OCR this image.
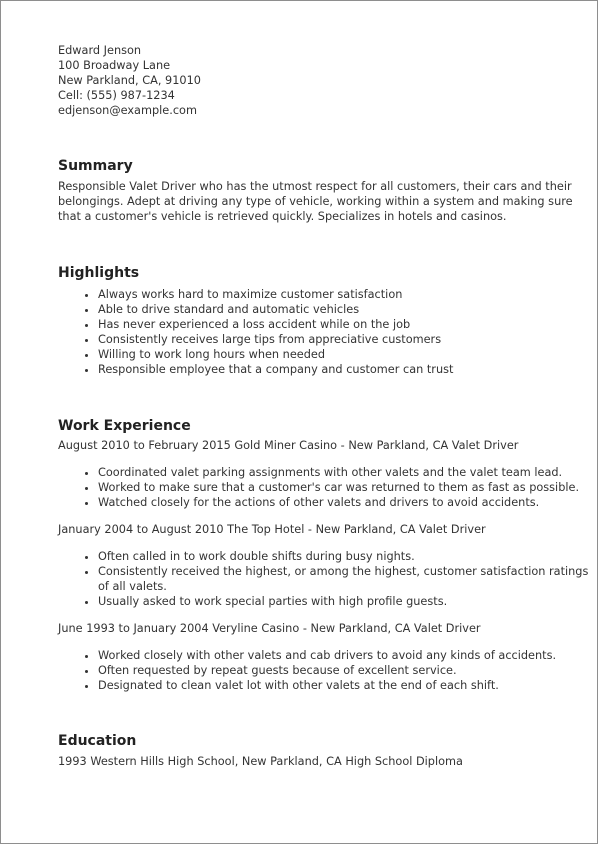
Edward Jenson
100 Broadway Lane
New Parkland, CA, 91010
Cell: (555) 987-1234
edjenson@example.com
Summary

Responsible Valet Driver who has the utmost respect for all customers, their cars and their belongings. Adept at driving any type of vehicle, working within a system and making sure that a customer's vehicle is retrieved quickly. Specializes in hotels and casinos.

Highlights
• Always works hard to maximize customer satisfaction
• Able to drive standard and automatic vehicles
• Has never experienced a loss accident while on the job
• Consistently receives large tips from appreciative customers
• Willing to work long hours when needed
• Responsible employee that a company and customer can trust
Work Experience

August 2010 to February 2015 Gold Miner Casino - New Parkland, CA Valet Driver

• Coordinated valet parking assignments with other valets and the valet team lead.
• Worked to make sure that a customer's car was returned to them as fast as possible.
• Watched closely for the actions of other valets and drivers to avoid accidents.

January 2004 to August 2010 The Top Hotel - New Parkland, CA Valet Driver

• Often called in to work double shifts during busy nights.
• Consistently received the highest, or among the highest, customer satisfaction ratings of all valets.
• Usually asked to work special parties with high profile guests.

June 1993 to January 2004 Veryline Casino - New Parkland, CA Valet Driver

• Worked closely with other valets and cab drivers to avoid any kinds of accidents.
• Often requested by repeat guests because of excellent service.
• Designated to clean valet lot with other valets at the end of each shift.
Education

1993 Western Hills High School, New Parkland, CA High School Diploma
